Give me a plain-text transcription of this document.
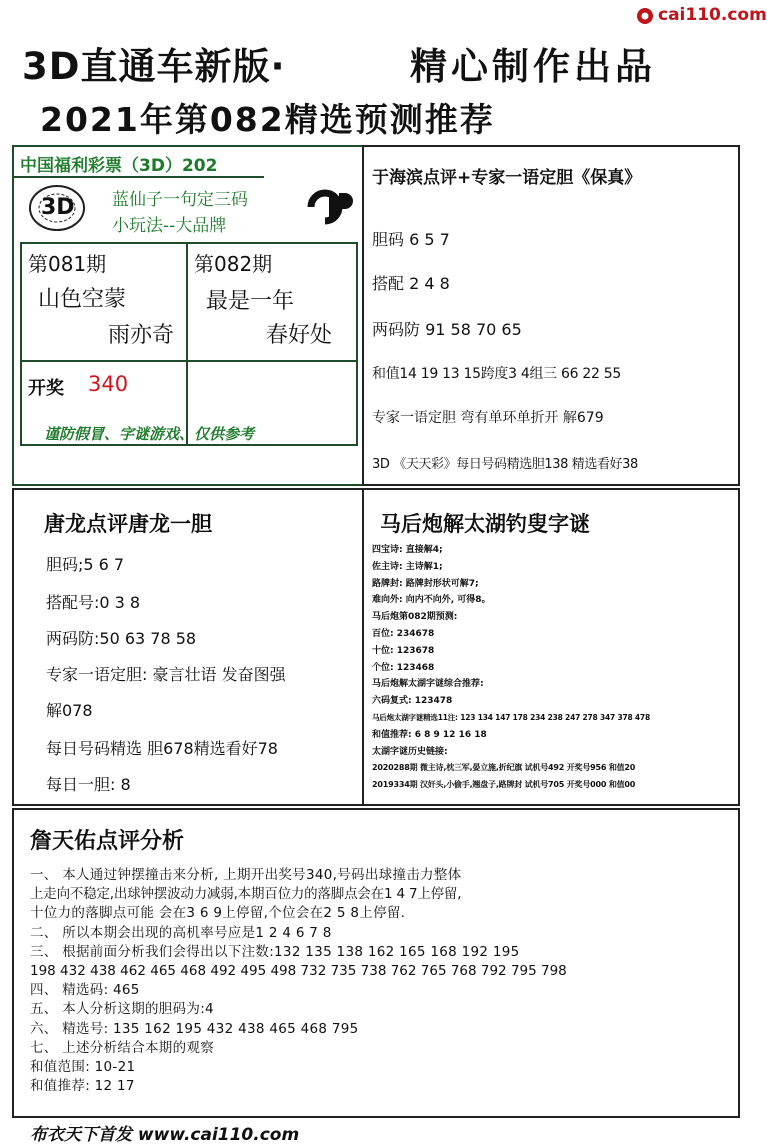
cai110.com
3D直通车新版·	精心制作出品
2021年第082精选预测推荐
中国福利彩票（3D）202
3D 蓝仙子一句定三码
小玩法--大品牌
第081期
山色空蒙
雨亦奇
第082期
最是一年
春好处
开奖 340
谨防假冒、字谜游戏、仅供参考
于海滨点评+专家一语定胆《保真》
胆码 6 5 7
搭配 2 4 8
两码防 91 58 70 65
和值14 19 13 15跨度3 4组三 66 22 55
专家一语定胆 弯有单环单折开 解679
3D 《天天彩》每日号码精选胆138 精选看好38
唐龙点评唐龙一胆
胆码;5 6 7
搭配号:0 3 8
两码防:50 63 78 58
专家一语定胆: 豪言壮语 发奋图强
解078
每日号码精选 胆678精选看好78
每日一胆: 8
马后炮解太湖钓叟字谜
四宝诗: 直接解4;
佐主诗: 主诗解1;
路牌封: 路牌封形状可解7;
难向外: 向内不向外, 可得8。
马后炮第082期预测:
百位: 234678
十位: 123678
个位: 123468
马后炮解太湖字谜综合推荐:
六码复式: 123478
马后炮太湖字谜精选11注: 123 134 147 178 234 238 247 278 347 378 478
和值推荐: 6 8 9 12 16 18
太湖字谜历史链接:
2020288期 微主诗,枕三军,晏立施,折纪旗 试机号492 开奖号956 和值20
2019334期 汉奸头,小偷手,翘盘子,路牌封 试机号705 开奖号000 和值00
詹天佑点评分析
一、 本人通过钟摆撞击来分析, 上期开出奖号340,号码出球撞击力整体
上走向不稳定,出球钟摆波动力减弱,本期百位力的落脚点会在1 4 7上停留,
十位力的落脚点可能 会在3 6 9上停留,个位会在2 5 8上停留.
二、 所以本期会出现的高机率号应是1 2 4 6 7 8
三、 根据前面分析我们会得出以下注数:132 135 138 162 165 168 192 195
198 432 438 462 465 468 492 495 498 732 735 738 762 765 768 792 795 798
四、 精选码: 465
五、 本人分析这期的胆码为:4
六、 精选号: 135 162 195 432 438 465 468 795
七、 上述分析结合本期的观察
和值范围: 10-21
和值推荐: 12 17
布衣天下首发 www.cai110.com
